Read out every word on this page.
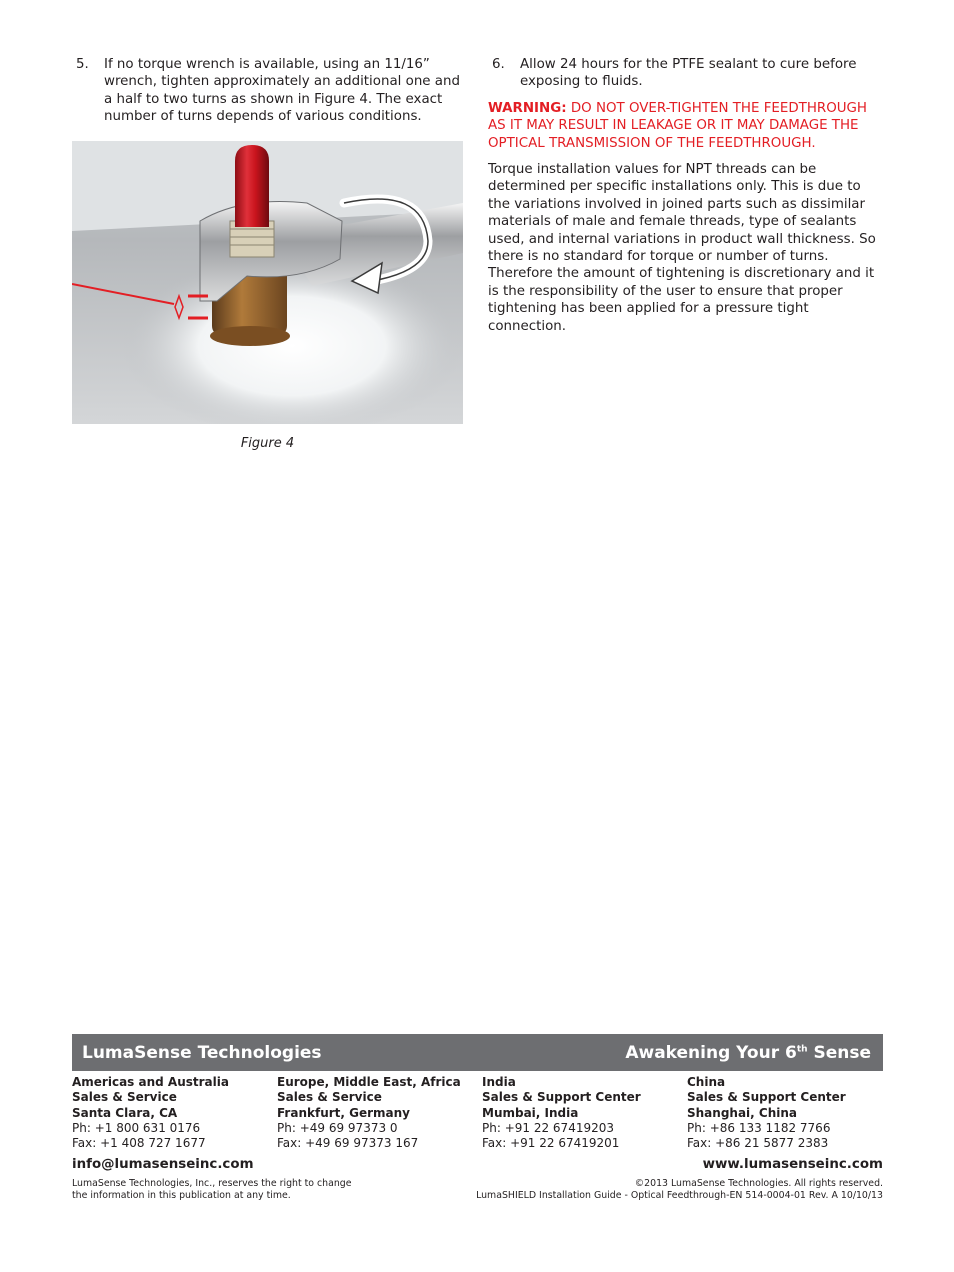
5. If no torque wrench is available, using an 11/16” wrench, tighten approximately an additional one and a half to two turns as shown in Figure 4. The exact number of turns depends of various conditions.
Figure 4
6. Allow 24 hours for the PTFE sealant to cure before exposing to fluids.
WARNING: DO NOT OVER-TIGHTEN THE FEEDTHROUGH AS IT MAY RESULT IN LEAKAGE OR IT MAY DAMAGE THE OPTICAL TRANSMISSION OF THE FEEDTHROUGH.
Torque installation values for NPT threads can be determined per specific installations only. This is due to the variations involved in joined parts such as dissimilar materials of male and female threads, type of sealants used, and internal variations in product wall thickness. So there is no standard for torque or number of turns. Therefore the amount of tightening is discretionary and it is the responsibility of the user to ensure that proper tightening has been applied for a pressure tight connection.
LumaSense Technologies	Awakening Your 6th Sense
Americas and Australia
Sales & Service
Santa Clara, CA
Ph: +1 800 631 0176
Fax: +1 408 727 1677
Europe, Middle East, Africa
Sales & Service
Frankfurt, Germany
Ph: +49 69 97373 0
Fax: +49 69 97373 167
India
Sales & Support Center
Mumbai, India
Ph: +91 22 67419203
Fax: +91 22 67419201
China
Sales & Support Center
Shanghai, China
Ph: +86 133 1182 7766
Fax: +86 21 5877 2383
info@lumasenseinc.com	www.lumasenseinc.com
LumaSense Technologies, Inc., reserves the right to change
the information in this publication at any time.
©2013 LumaSense Technologies. All rights reserved.
LumaSHIELD Installation Guide - Optical Feedthrough-EN 514-0004-01 Rev. A 10/10/13
